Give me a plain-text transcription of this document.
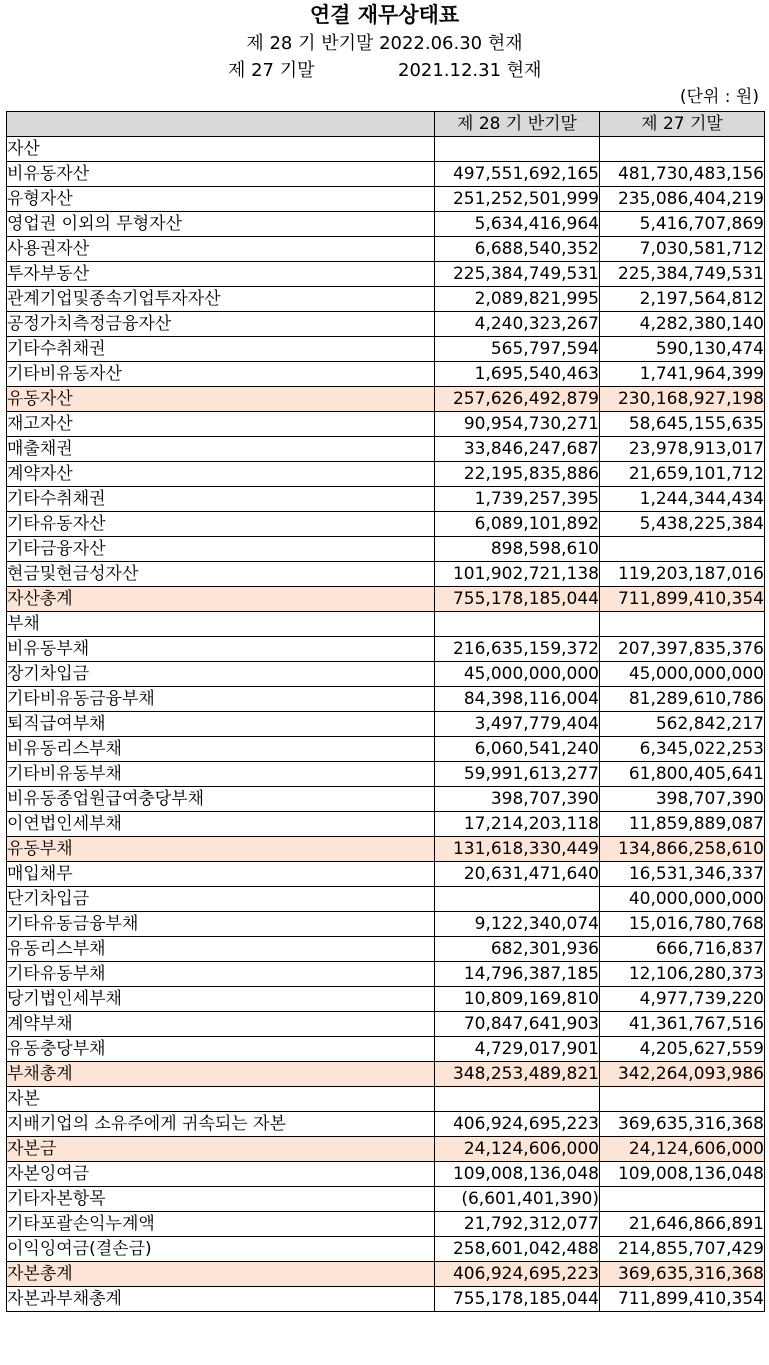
연결 재무상태표
제 28 기 반기말 2022.06.30 현재
제 27 기말	2021.12.31 현재
(단위 : 원)
	제 28 기 반기말	제 27 기말
자산		
비유동자산	497,551,692,165	481,730,483,156
유형자산	251,252,501,999	235,086,404,219
영업권 이외의 무형자산	5,634,416,964	5,416,707,869
사용권자산	6,688,540,352	7,030,581,712
투자부동산	225,384,749,531	225,384,749,531
관계기업및종속기업투자자산	2,089,821,995	2,197,564,812
공정가치측정금융자산	4,240,323,267	4,282,380,140
기타수취채권	565,797,594	590,130,474
기타비유동자산	1,695,540,463	1,741,964,399
유동자산	257,626,492,879	230,168,927,198
재고자산	90,954,730,271	58,645,155,635
매출채권	33,846,247,687	23,978,913,017
계약자산	22,195,835,886	21,659,101,712
기타수취채권	1,739,257,395	1,244,344,434
기타유동자산	6,089,101,892	5,438,225,384
기타금융자산	898,598,610	
현금및현금성자산	101,902,721,138	119,203,187,016
자산총계	755,178,185,044	711,899,410,354
부채		
비유동부채	216,635,159,372	207,397,835,376
장기차입금	45,000,000,000	45,000,000,000
기타비유동금융부채	84,398,116,004	81,289,610,786
퇴직급여부채	3,497,779,404	562,842,217
비유동리스부채	6,060,541,240	6,345,022,253
기타비유동부채	59,991,613,277	61,800,405,641
비유동종업원급여충당부채	398,707,390	398,707,390
이연법인세부채	17,214,203,118	11,859,889,087
유동부채	131,618,330,449	134,866,258,610
매입채무	20,631,471,640	16,531,346,337
단기차입금		40,000,000,000
기타유동금융부채	9,122,340,074	15,016,780,768
유동리스부채	682,301,936	666,716,837
기타유동부채	14,796,387,185	12,106,280,373
당기법인세부채	10,809,169,810	4,977,739,220
계약부채	70,847,641,903	41,361,767,516
유동충당부채	4,729,017,901	4,205,627,559
부채총계	348,253,489,821	342,264,093,986
자본		
지배기업의 소유주에게 귀속되는 자본	406,924,695,223	369,635,316,368
자본금	24,124,606,000	24,124,606,000
자본잉여금	109,008,136,048	109,008,136,048
기타자본항목	(6,601,401,390)	
기타포괄손익누계액	21,792,312,077	21,646,866,891
이익잉여금(결손금)	258,601,042,488	214,855,707,429
자본총계	406,924,695,223	369,635,316,368
자본과부채총계	755,178,185,044	711,899,410,354
